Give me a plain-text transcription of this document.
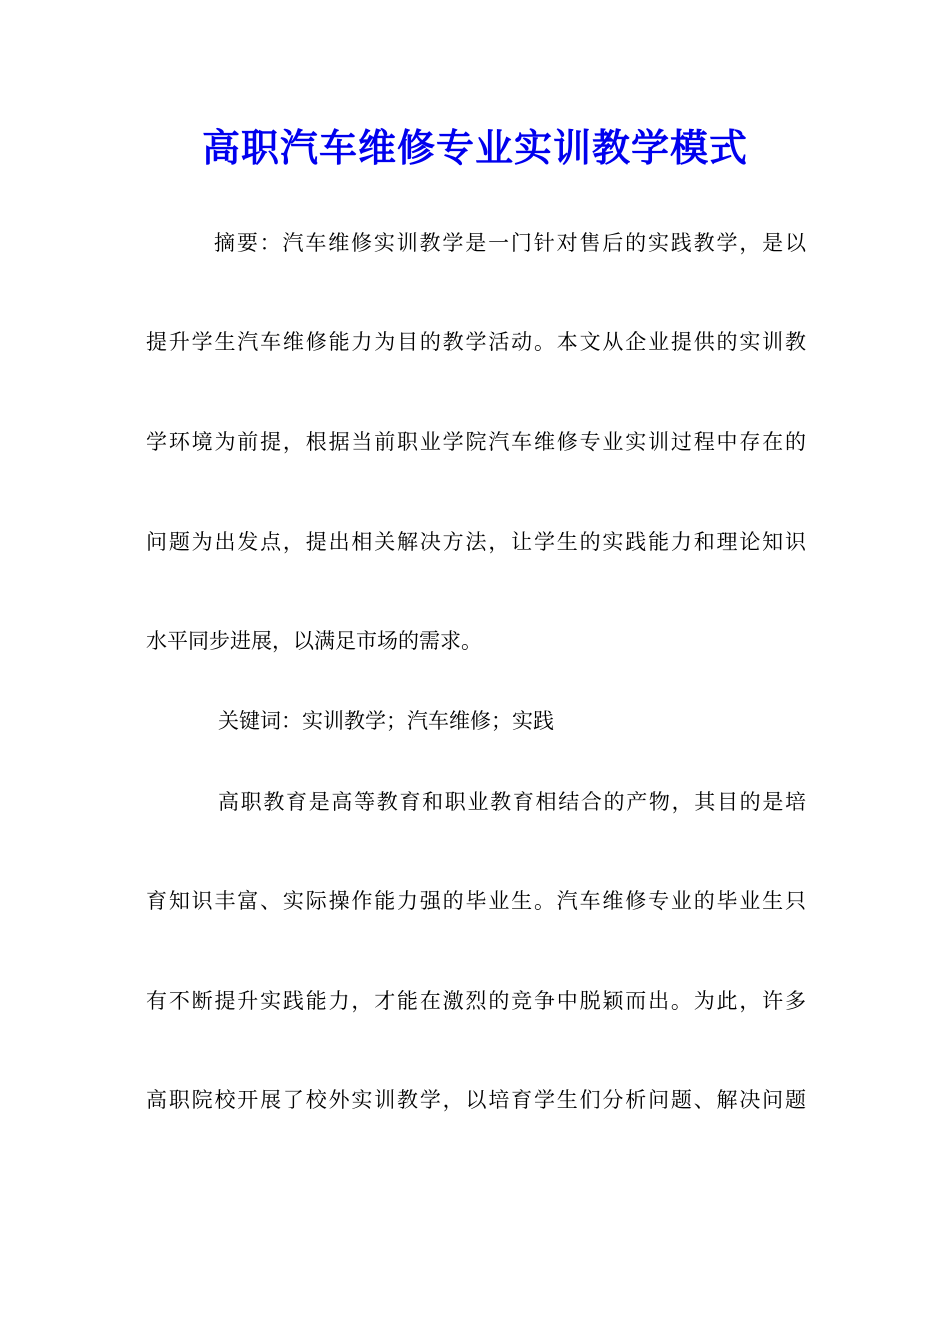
高职汽车维修专业实训教学模式

摘要：汽车维修实训教学是一门针对售后的实践教学，是以

提升学生汽车维修能力为目的教学活动。本文从企业提供的实训教

学环境为前提，根据当前职业学院汽车维修专业实训过程中存在的

问题为出发点，提出相关解决方法，让学生的实践能力和理论知识

水平同步进展，以满足市场的需求。

关键词：实训教学；汽车维修；实践

高职教育是高等教育和职业教育相结合的产物，其目的是培

育知识丰富、实际操作能力强的毕业生。汽车维修专业的毕业生只

有不断提升实践能力，才能在激烈的竞争中脱颖而出。为此，许多

高职院校开展了校外实训教学，以培育学生们分析问题、解决问题
